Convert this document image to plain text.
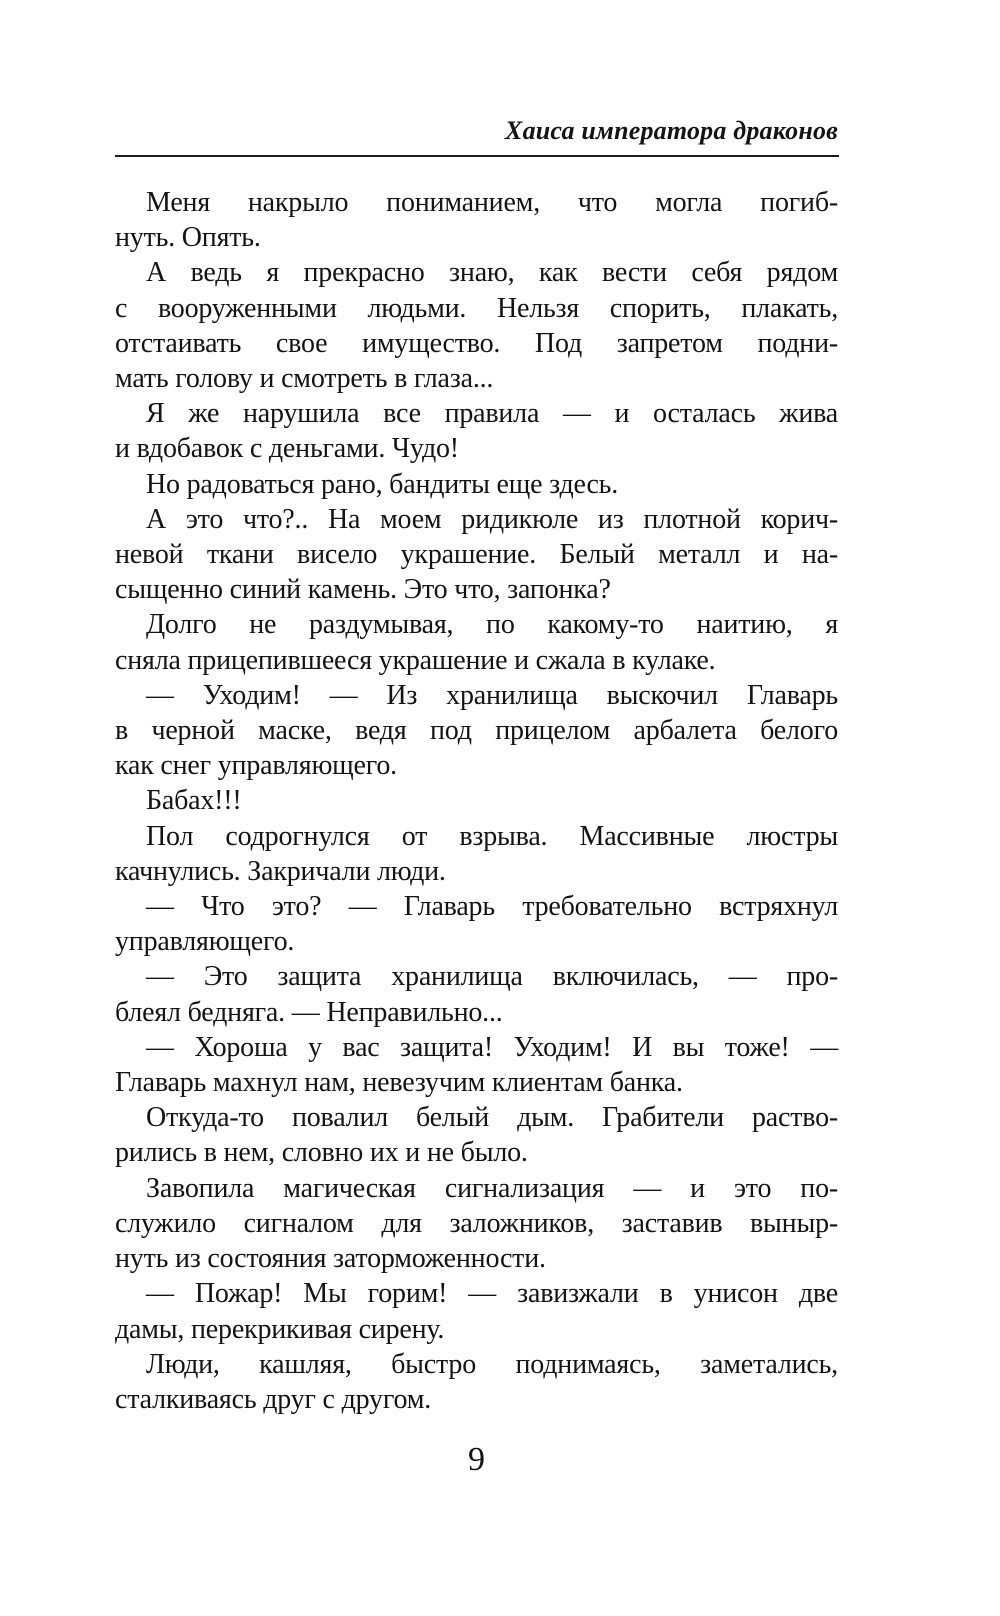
Хаиса императора драконов

Меня накрыло пониманием, что могла погиб-
нуть. Опять.

А ведь я прекрасно знаю, как вести себя рядом
с вооруженными людьми. Нельзя спорить, плакать,
отстаивать свое имущество. Под запретом подни-
мать голову и смотреть в глаза...

Я же нарушила все правила — и осталась жива
и вдобавок с деньгами. Чудо!

Но радоваться рано, бандиты еще здесь.

А это что?.. На моем ридикюле из плотной корич-
невой ткани висело украшение. Белый металл и на-
сыщенно синий камень. Это что, запонка?

Долго не раздумывая, по какому-то наитию, я
сняла прицепившееся украшение и сжала в кулаке.

— Уходим! — Из хранилища выскочил Главарь
в черной маске, ведя под прицелом арбалета белого
как снег управляющего.

Бабах!!!

Пол содрогнулся от взрыва. Массивные люстры
качнулись. Закричали люди.

— Что это? — Главарь требовательно встряхнул
управляющего.

— Это защита хранилища включилась, — про-
блеял бедняга. — Неправильно...

— Хороша у вас защита! Уходим! И вы тоже! —
Главарь махнул нам, невезучим клиентам банка.

Откуда-то повалил белый дым. Грабители раство-
рились в нем, словно их и не было.

Завопила магическая сигнализация — и это по-
служило сигналом для заложников, заставив выныр-
нуть из состояния заторможенности.

— Пожар! Мы горим! — завизжали в унисон две
дамы, перекрикивая сирену.

Люди, кашляя, быстро поднимаясь, заметались,
сталкиваясь друг с другом.

9
